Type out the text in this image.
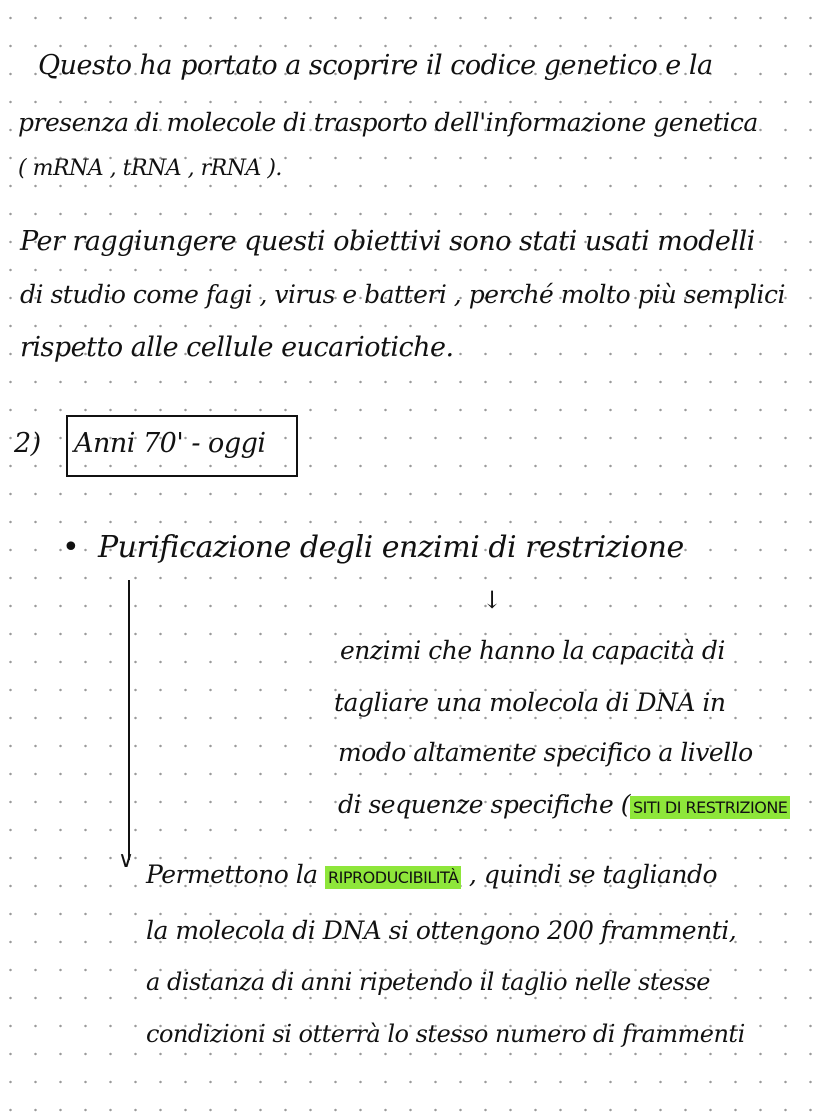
Questo ha portato a scoprire il codice genetico e la
presenza di molecole di trasporto dell'informazione genetica
( mRNA , tRNA , rRNA ).
Per raggiungere questi obiettivi sono stati usati modelli
di studio come fagi , virus e batteri , perché molto più semplici
rispetto alle cellule eucariotiche.
2) Anni 70' - oggi
• Purificazione degli enzimi di restrizione
↓
∨
enzimi che hanno la capacità di
tagliare una molecola di DNA in
modo altamente specifico a livello
di sequenze specifiche ( SITI DI RESTRIZIONE
Permettono la RIPRODUCIBILITÀ , quindi se tagliando
la molecola di DNA si ottengono 200 frammenti,
a distanza di anni ripetendo il taglio nelle stesse
condizioni si otterrà lo stesso numero di frammenti
